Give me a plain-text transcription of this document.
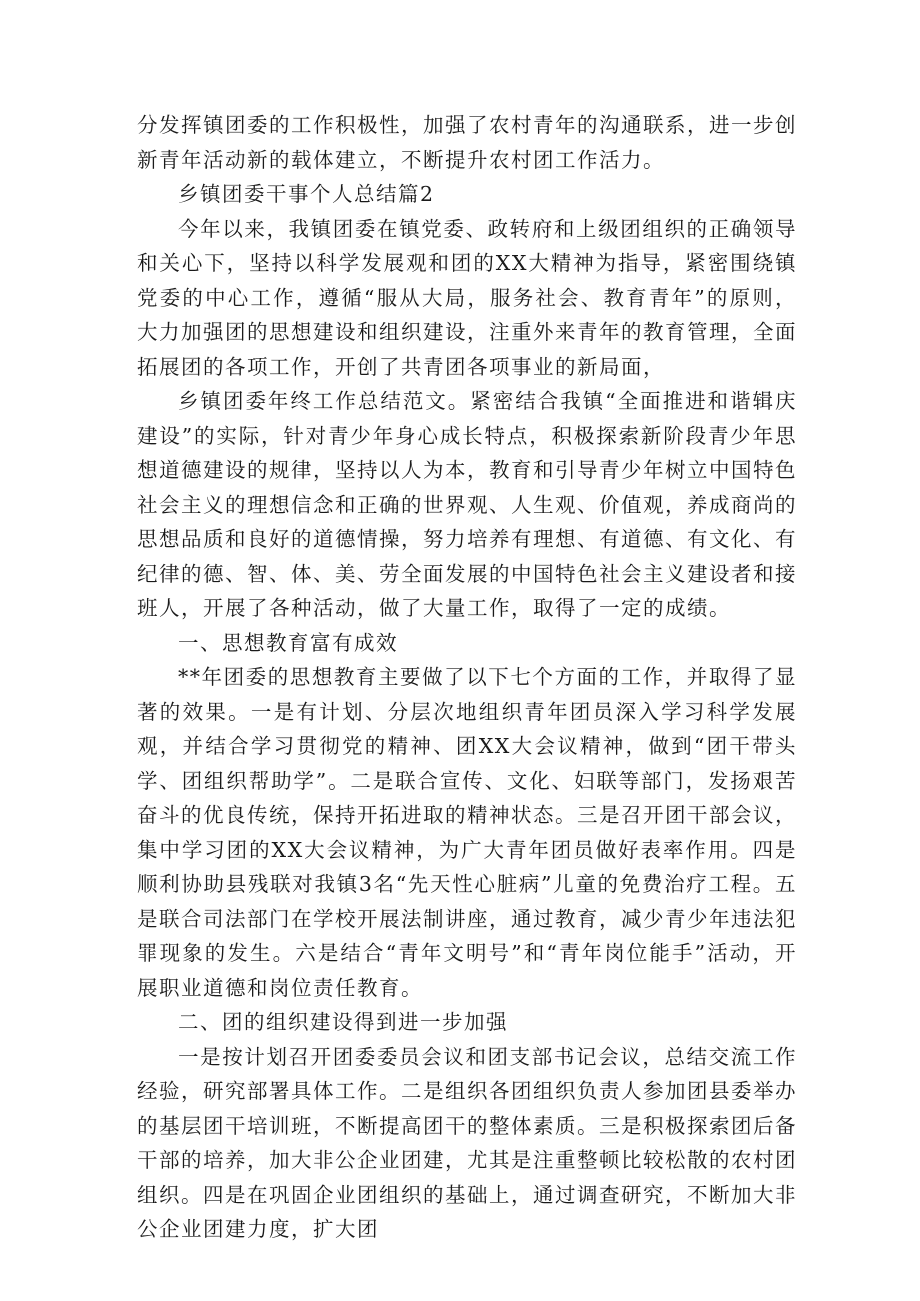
分发挥镇团委的工作积极性，加强了农村青年的沟通联系，进一步创新青年活动新的载体建立，不断提升农村团工作活力。

乡镇团委干事个人总结篇2

今年以来，我镇团委在镇党委、政转府和上级团组织的正确领导和关心下，坚持以科学发展观和团的XX大精神为指导，紧密围绕镇党委的中心工作，遵循“服从大局，服务社会、教育青年”的原则，大力加强团的思想建设和组织建设，注重外来青年的教育管理，全面拓展团的各项工作，开创了共青团各项事业的新局面，

乡镇团委年终工作总结范文。紧密结合我镇“全面推进和谐辑庆建设”的实际，针对青少年身心成长特点，积极探索新阶段青少年思想道德建设的规律，坚持以人为本，教育和引导青少年树立中国特色社会主义的理想信念和正确的世界观、人生观、价值观，养成商尚的思想品质和良好的道德情操，努力培养有理想、有道德、有文化、有纪律的德、智、体、美、劳全面发展的中国特色社会主义建设者和接班人，开展了各种活动，做了大量工作，取得了一定的成绩。

一、思想教育富有成效

**年团委的思想教育主要做了以下七个方面的工作，并取得了显著的效果。一是有计划、分层次地组织青年团员深入学习科学发展观，并结合学习贯彻党的精神、团XX大会议精神，做到“团干带头学、团组织帮助学”。二是联合宣传、文化、妇联等部门，发扬艰苦奋斗的优良传统，保持开拓进取的精神状态。三是召开团干部会议，集中学习团的XX大会议精神，为广大青年团员做好表率作用。四是顺利协助县残联对我镇3名“先天性心脏病”儿童的免费治疗工程。五是联合司法部门在学校开展法制讲座，通过教育，减少青少年违法犯罪现象的发生。六是结合“青年文明号”和“青年岗位能手”活动，开展职业道德和岗位责任教育。

二、团的组织建设得到进一步加强

一是按计划召开团委委员会议和团支部书记会议，总结交流工作经验，研究部署具体工作。二是组织各团组织负责人参加团县委举办的基层团干培训班，不断提高团干的整体素质。三是积极探索团后备干部的培养，加大非公企业团建，尤其是注重整顿比较松散的农村团组织。四是在巩固企业团组织的基础上，通过调查研究，不断加大非公企业团建力度，扩大团
